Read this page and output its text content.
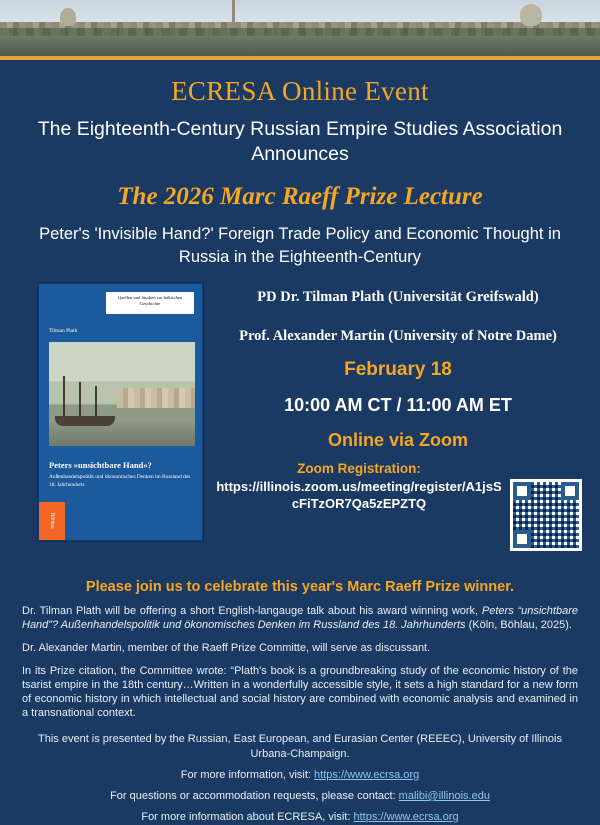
ECRESA Online Event
The Eighteenth-Century Russian Empire Studies Association Announces
The 2026 Marc Raeff Prize Lecture
Peter's 'Invisible Hand?' Foreign Trade Policy and Economic Thought in Russia in the Eighteenth-Century
Quellen und Studien zur baltischen Geschichte
Tilman Plath
Peters »unsichtbare Hand«?
Außenhandelspolitik und ökonomisches Denken im Russland des 18. Jahrhunderts
Böhlau
PD Dr. Tilman Plath (Universität Greifswald)
Prof. Alexander Martin (University of Notre Dame)
February 18
10:00 AM CT / 11:00 AM ET
Online via Zoom
Zoom Registration:
https://illinois.zoom.us/meeting/register/A1jsScFiTzOR7Qa5zEPZTQ
Please join us to celebrate this year's Marc Raeff Prize winner.
Dr. Tilman Plath will be offering a short English-langauge talk about his award winning work, Peters “unsichtbare Hand”? Außenhandelspolitik und ökonomisches Denken im Russland des 18. Jahrhunderts (Köln, Böhlau, 2025).
Dr. Alexander Martin, member of the Raeff Prize Committe, will serve as discussant.
In its Prize citation, the Committee wrote: “Plath's book is a groundbreaking study of the economic history of the tsarist empire in the 18th century…Written in a wonderfully accessible style, it sets a high standard for a new form of economic history in which intellectual and social history are combined with economic analysis and examined in a transnational context.
This event is presented by the Russian, East European, and Eurasian Center (REEEC), University of Illinois Urbana-Champaign.
For more information, visit: https://www.ecrsa.org
For questions or accommodation requests, please contact: malibi@illinois.edu
For more information about ECRESA, visit: https://www.ecrsa.org
